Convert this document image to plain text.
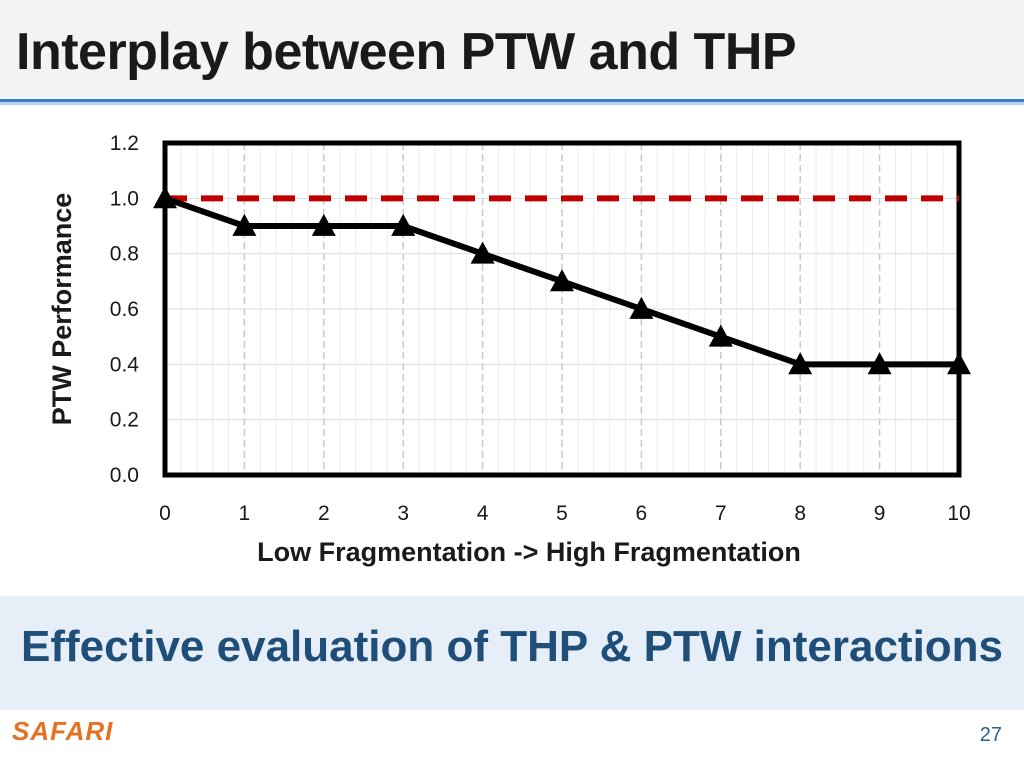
Interplay between PTW and THP
0	1	2	3	4	5	6	7	8	9	10
0.0
0.2
0.4
0.6
0.8
1.0
1.2
Low Fragmentation -> High Fragmentation
PTW Performance
Effective evaluation of THP & PTW interactions
SAFARI	27
